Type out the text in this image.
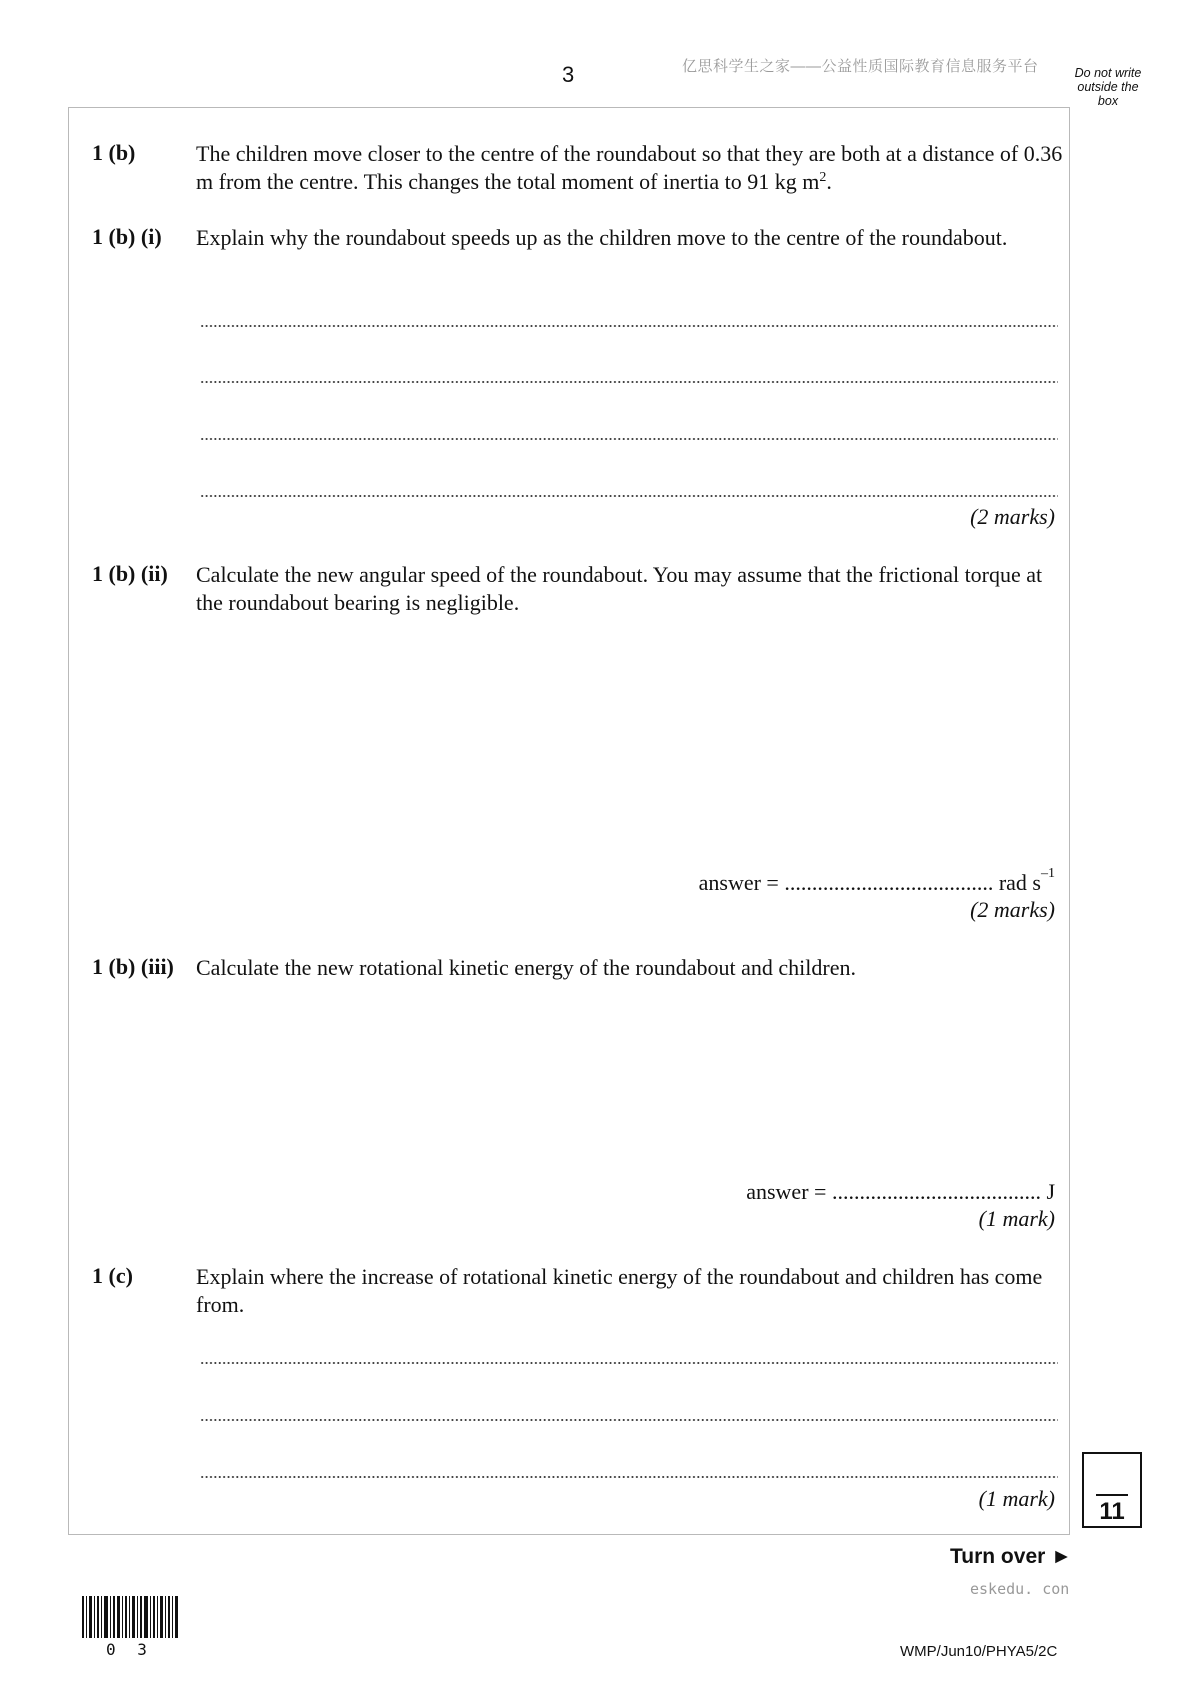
3	亿思科学生之家——公益性质国际教育信息服务平台	Do not write outside the box
1 (b)	The children move closer to the centre of the roundabout so that they are both at a distance of 0.36 m from the centre. This changes the total moment of inertia to 91 kg $m^2$.
1 (b) (i) Explain why the roundabout speeds up as the children move to the centre of the roundabout.
(2 marks)
1 (b) (ii) Calculate the new angular speed of the roundabout. You may assume that the frictional torque at the roundabout bearing is negligible.
answer = ...................................... rad $s^{-1}$
(2 marks)
1 (b) (iii) Calculate the new rotational kinetic energy of the roundabout and children.
answer = ...................................... J
(1 mark)
1 (c)	Explain where the increase of rotational kinetic energy of the roundabout and children has come from.
(1 mark)	11
Turn over ►
eskedu. con
0 3	WMP/Jun10/PHYA5/2C
